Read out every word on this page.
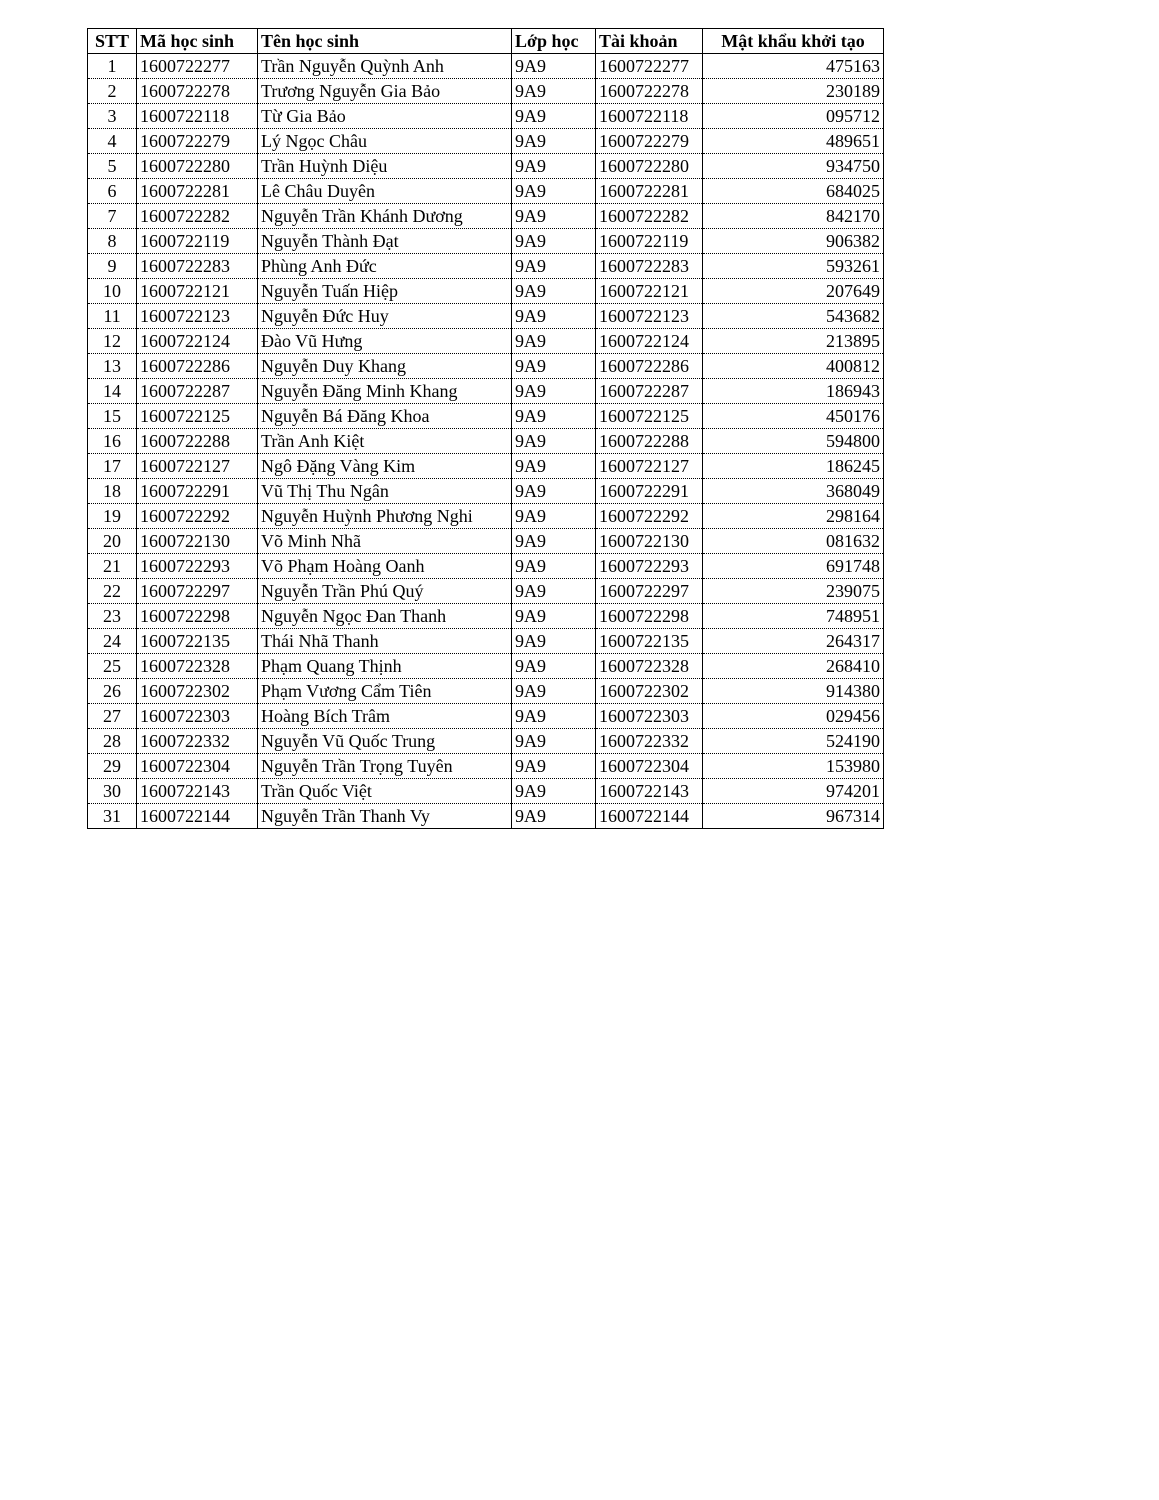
STT	Mã học sinh	Tên học sinh	Lớp học	Tài khoản	Mật khẩu khởi tạo
1	1600722277	Trần Nguyễn Quỳnh Anh	9A9	1600722277	475163
2	1600722278	Trương Nguyễn Gia Bảo	9A9	1600722278	230189
3	1600722118	Từ Gia Bảo	9A9	1600722118	095712
4	1600722279	Lý Ngọc Châu	9A9	1600722279	489651
5	1600722280	Trần Huỳnh Diệu	9A9	1600722280	934750
6	1600722281	Lê Châu Duyên	9A9	1600722281	684025
7	1600722282	Nguyễn Trần Khánh Dương	9A9	1600722282	842170
8	1600722119	Nguyễn Thành Đạt	9A9	1600722119	906382
9	1600722283	Phùng Anh Đức	9A9	1600722283	593261
10	1600722121	Nguyễn Tuấn Hiệp	9A9	1600722121	207649
11	1600722123	Nguyễn Đức Huy	9A9	1600722123	543682
12	1600722124	Đào Vũ Hưng	9A9	1600722124	213895
13	1600722286	Nguyễn Duy Khang	9A9	1600722286	400812
14	1600722287	Nguyễn Đăng Minh Khang	9A9	1600722287	186943
15	1600722125	Nguyễn Bá Đăng Khoa	9A9	1600722125	450176
16	1600722288	Trần Anh Kiệt	9A9	1600722288	594800
17	1600722127	Ngô Đặng Vàng Kim	9A9	1600722127	186245
18	1600722291	Vũ Thị Thu Ngân	9A9	1600722291	368049
19	1600722292	Nguyễn Huỳnh Phương Nghi	9A9	1600722292	298164
20	1600722130	Võ Minh Nhã	9A9	1600722130	081632
21	1600722293	Võ Phạm Hoàng Oanh	9A9	1600722293	691748
22	1600722297	Nguyễn Trần Phú Quý	9A9	1600722297	239075
23	1600722298	Nguyễn Ngọc Đan Thanh	9A9	1600722298	748951
24	1600722135	Thái Nhã Thanh	9A9	1600722135	264317
25	1600722328	Phạm Quang Thịnh	9A9	1600722328	268410
26	1600722302	Phạm Vương Cẩm Tiên	9A9	1600722302	914380
27	1600722303	Hoàng Bích Trâm	9A9	1600722303	029456
28	1600722332	Nguyễn Vũ Quốc Trung	9A9	1600722332	524190
29	1600722304	Nguyễn Trần Trọng Tuyên	9A9	1600722304	153980
30	1600722143	Trần Quốc Việt	9A9	1600722143	974201
31	1600722144	Nguyễn Trần Thanh Vy	9A9	1600722144	967314
